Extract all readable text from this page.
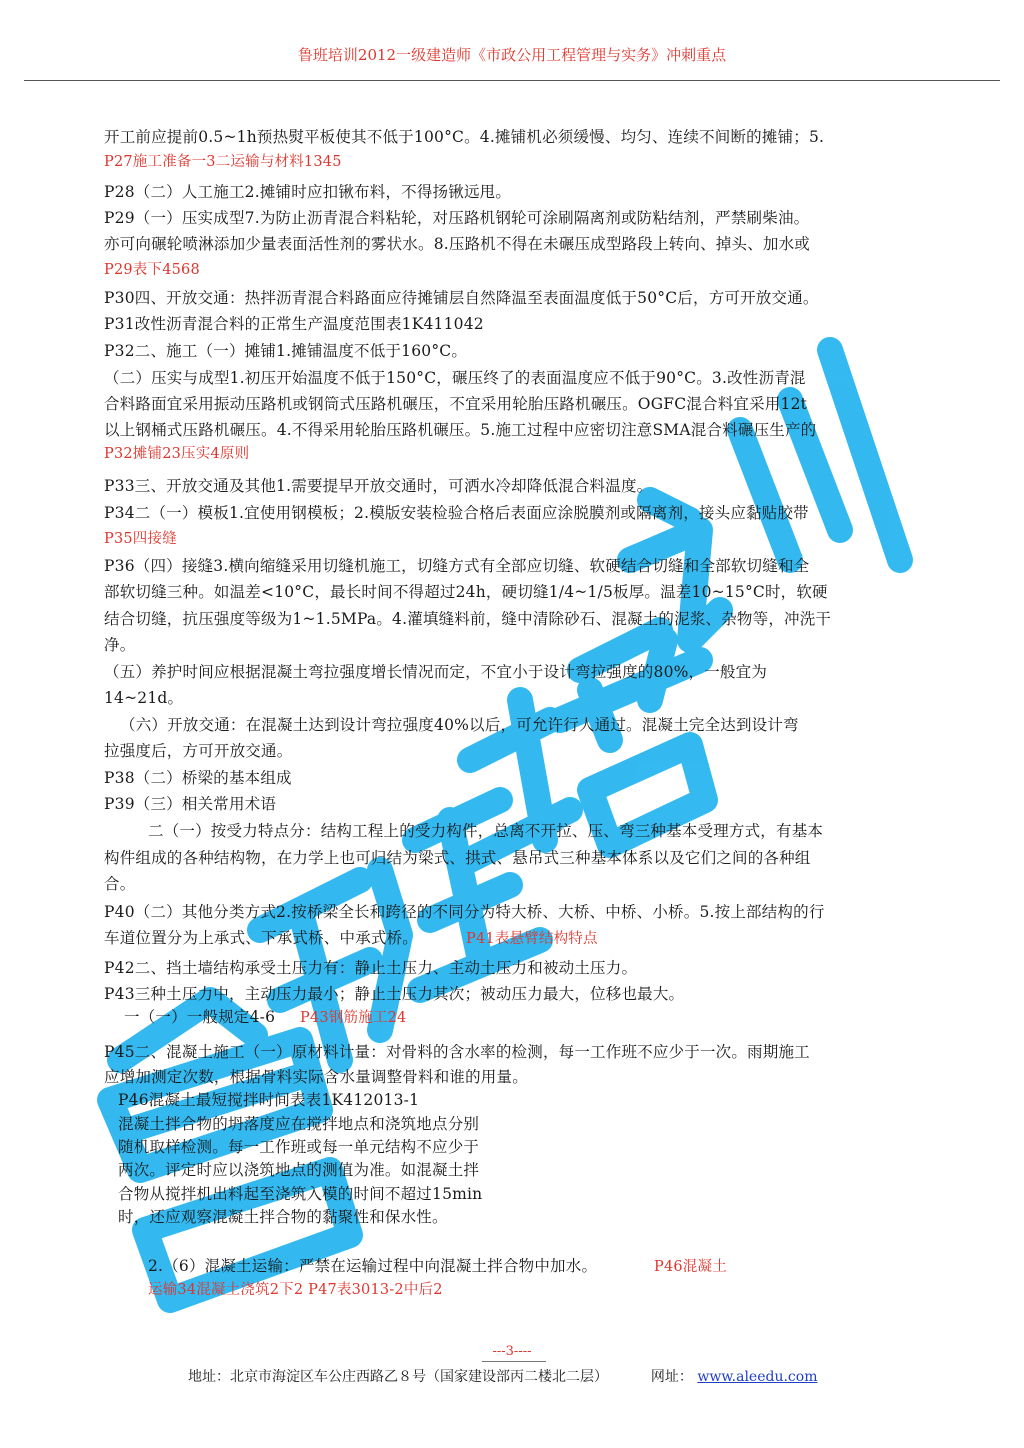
鲁班培训2012一级建造师《市政公用工程管理与实务》冲刺重点
开工前应提前0.5~1h预热熨平板使其不低于100°C。4.摊铺机必须缓慢、均匀、连续不间断的摊铺；5.
P27施工准备一3二运输与材料1345
P28（二）人工施工2.摊铺时应扣锹布料，不得扬锹远甩。
P29（一）压实成型7.为防止沥青混合料粘轮，对压路机钢轮可涂刷隔离剂或防粘结剂，严禁刷柴油。
亦可向碾轮喷淋添加少量表面活性剂的雾状水。8.压路机不得在未碾压成型路段上转向、掉头、加水或
P29表下4568
P30四、开放交通：热拌沥青混合料路面应待摊铺层自然降温至表面温度低于50°C后，方可开放交通。
P31改性沥青混合料的正常生产温度范围表1K411042
P32二、施工（一）摊铺1.摊铺温度不低于160°C。
（二）压实与成型1.初压开始温度不低于150°C，碾压终了的表面温度应不低于90°C。3.改性沥青混
合料路面宜采用振动压路机或钢筒式压路机碾压，不宜采用轮胎压路机碾压。OGFC混合料宜采用12t
以上钢桶式压路机碾压。4.不得采用轮胎压路机碾压。5.施工过程中应密切注意SMA混合料碾压生产的
P32摊铺23压实4原则
P33三、开放交通及其他1.需要提早开放交通时，可洒水冷却降低混合料温度。
P34二（一）模板1.宜使用钢模板；2.模版安装检验合格后表面应涂脱膜剂或隔离剂，接头应黏贴胶带
P35四接缝
P36（四）接缝3.横向缩缝采用切缝机施工，切缝方式有全部应切缝、软硬结合切缝和全部软切缝和全
部软切缝三种。如温差<10°C，最长时间不得超过24h，硬切缝1/4~1/5板厚。温差10~15°C时，软硬
结合切缝，抗压强度等级为1~1.5MPa。4.灌填缝料前，缝中清除砂石、混凝土的泥浆、杂物等，冲洗干
净。
（五）养护时间应根据混凝土弯拉强度增长情况而定，不宜小于设计弯拉强度的80%，一般宜为
14~21d。
（六）开放交通：在混凝土达到设计弯拉强度40%以后，可允许行人通过。混凝土完全达到设计弯
拉强度后，方可开放交通。
P38（二）桥梁的基本组成
P39（三）相关常用术语
二（一）按受力特点分：结构工程上的受力构件，总离不开拉、压、弯三种基本受理方式，有基本
构件组成的各种结构物，在力学上也可归结为梁式、拱式、悬吊式三种基本体系以及它们之间的各种组
合。
P40（二）其他分类方式2.按桥梁全长和跨径的不同分为特大桥、大桥、中桥、小桥。5.按上部结构的行
车道位置分为上承式、下承式桥、中承式桥。	P41表悬臂结构特点
P42二、挡土墙结构承受土压力有：静止土压力、主动土压力和被动土压力。
P43三种土压力中，主动压力最小；静止土压力其次；被动压力最大，位移也最大。
一（一）一般规定4-6 P43钢筋施工24
P45二、混凝土施工（一）原材料计量：对骨料的含水率的检测，每一工作班不应少于一次。雨期施工
应增加测定次数，根据骨料实际含水量调整骨料和谁的用量。
P46混凝土最短搅拌时间表表1K412013-1
混凝土拌合物的坍落度应在搅拌地点和浇筑地点分别
随机取样检测。每一工作班或每一单元结构不应少于
两次。评定时应以浇筑地点的测值为准。如混凝土拌
合物从搅拌机出料起至浇筑入模的时间不超过15min
时，还应观察混凝土拌合物的黏聚性和保水性。
2.（6）混凝土运输：严禁在运输过程中向混凝土拌合物中加水。	P46混凝土
运输34混凝土浇筑2下2 P47表3013-2中后2
---3----
地址：北京市海淀区车公庄西路乙８号（国家建设部丙二楼北二层）	网址： www.aleedu.com
